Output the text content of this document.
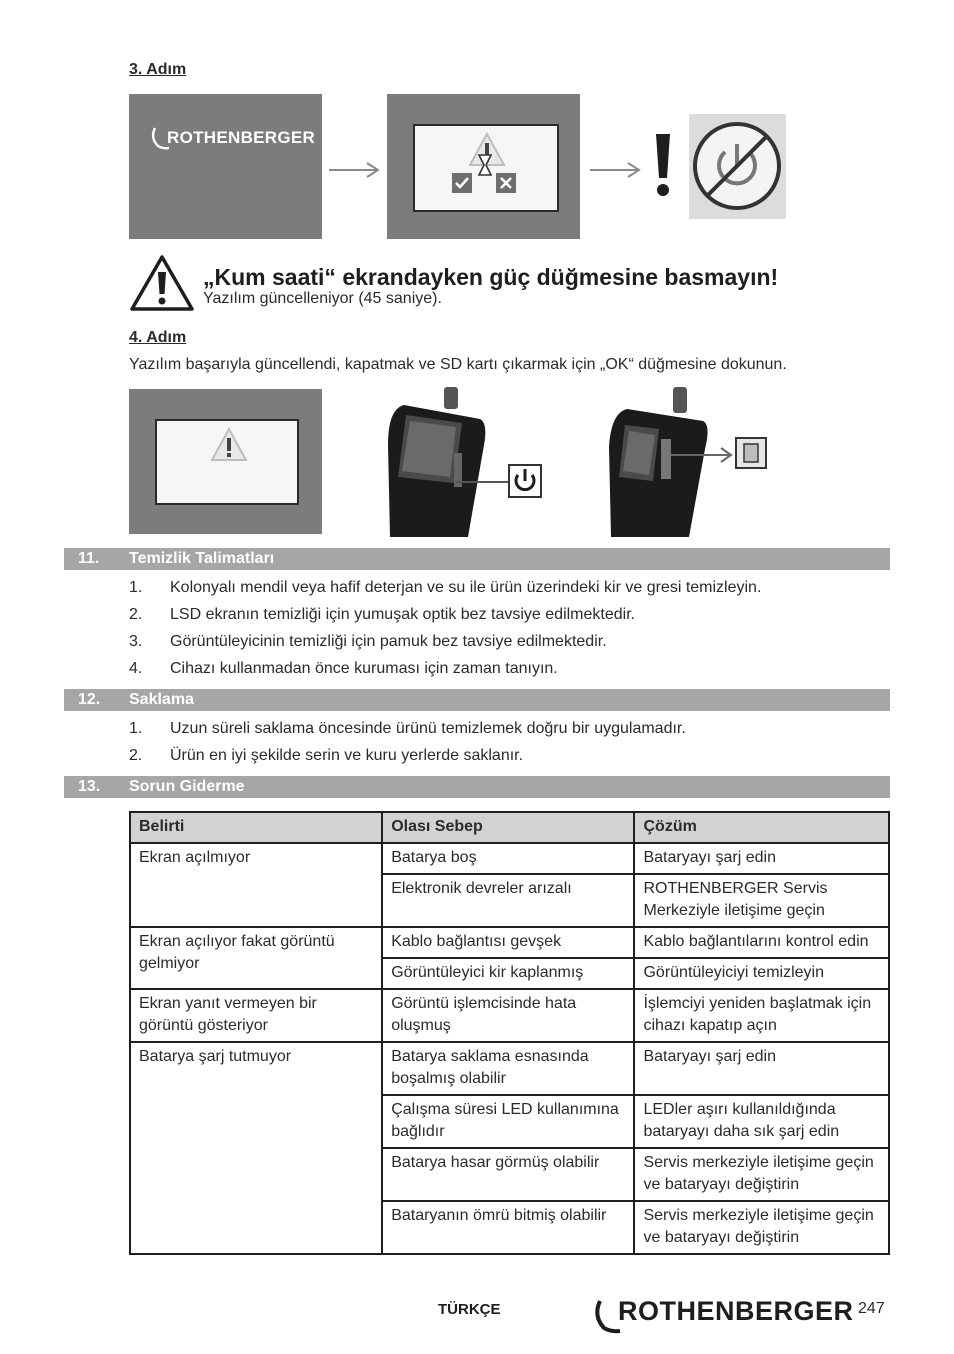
3. Adım
ROTHENBERGER
„Kum saati“ ekrandayken güç düğmesine basmayın!
Yazılım güncelleniyor (45 saniye).
4. Adım
Yazılım başarıyla güncellendi, kapatmak ve SD kartı çıkarmak için „OK“ düğmesine dokunun.
11. Temizlik Talimatları
1. Kolonyalı mendil veya hafif deterjan ve su ile ürün üzerindeki kir ve gresi temizleyin.
2. LSD ekranın temizliği için yumuşak optik bez tavsiye edilmektedir.
3. Görüntüleyicinin temizliği için pamuk bez tavsiye edilmektedir.
4. Cihazı kullanmadan önce kuruması için zaman tanıyın.
12. Saklama
1. Uzun süreli saklama öncesinde ürünü temizlemek doğru bir uygulamadır.
2. Ürün en iyi şekilde serin ve kuru yerlerde saklanır.
13. Sorun Giderme
Belirti	Olası Sebep	Çözüm
Ekran açılmıyor	Batarya boş	Bataryayı şarj edin
	Elektronik devreler arızalı	ROTHENBERGER Servis Merkeziyle iletişime geçin
Ekran açılıyor fakat görüntü gelmiyor	Kablo bağlantısı gevşek	Kablo bağlantılarını kontrol edin
	Görüntüleyici kir kaplanmış	Görüntüleyiciyi temizleyin
Ekran yanıt vermeyen bir görüntü gösteriyor	Görüntü işlemcisinde hata oluşmuş	İşlemciyi yeniden başlatmak için cihazı kapatıp açın
Batarya şarj tutmuyor	Batarya saklama esnasında boşalmış olabilir	Bataryayı şarj edin
	Çalışma süresi LED kullanımına bağlıdır	LEDler aşırı kullanıldığında bataryayı daha sık şarj edin
	Batarya hasar görmüş olabilir	Servis merkeziyle iletişime geçin ve bataryayı değiştirin
	Bataryanın ömrü bitmiş olabilir	Servis merkeziyle iletişime geçin ve bataryayı değiştirin
TÜRKÇE	ROTHENBERGER 247
